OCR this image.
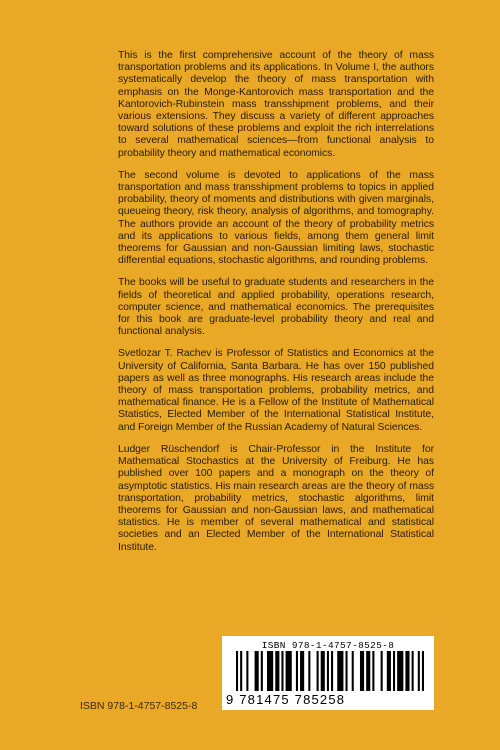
This is the first comprehensive account of the theory of mass transportation problems and its applications. In Volume I, the authors systematically develop the theory of mass transportation with emphasis on the Monge-Kantorovich mass transportation and the Kantorovich-Rubinstein mass transshipment problems, and their various extensions. They discuss a variety of different approaches toward solutions of these problems and exploit the rich interrelations to several mathematical sciences—from functional analysis to probability theory and mathematical economics.

The second volume is devoted to applications of the mass transportation and mass transshipment problems to topics in applied probability, theory of moments and distributions with given marginals, queueing theory, risk theory, analysis of algorithms, and tomography. The authors provide an account of the theory of probability metrics and its applications to various fields, among them general limit theorems for Gaussian and non-Gaussian limiting laws, stochastic differential equations, stochastic algorithms, and rounding problems.

The books will be useful to graduate students and researchers in the fields of theoretical and applied probability, operations research, computer science, and mathematical economics. The prerequisites for this book are graduate-level probability theory and real and functional analysis.

Svetlozar T. Rachev is Professor of Statistics and Economics at the University of California, Santa Barbara. He has over 150 published papers as well as three monographs. His research areas include the theory of mass transportation problems, probability metrics, and mathematical finance. He is a Fellow of the Institute of Mathematical Statistics, Elected Member of the International Statistical Institute, and Foreign Member of the Russian Academy of Natural Sciences.

Ludger Rüschendorf is Chair-Professor in the Institute for Mathematical Stochastics at the University of Freiburg. He has published over 100 papers and a monograph on the theory of asymptotic statistics. His main research areas are the theory of mass transportation, probability metrics, stochastic algorithms, limit theorems for Gaussian and non-Gaussian laws, and mathematical statistics. He is member of several mathematical and statistical societies and an Elected Member of the International Statistical Institute.

ISBN 978-1-4757-8525-8
9 781475 785258
ISBN 978-1-4757-8525-8
